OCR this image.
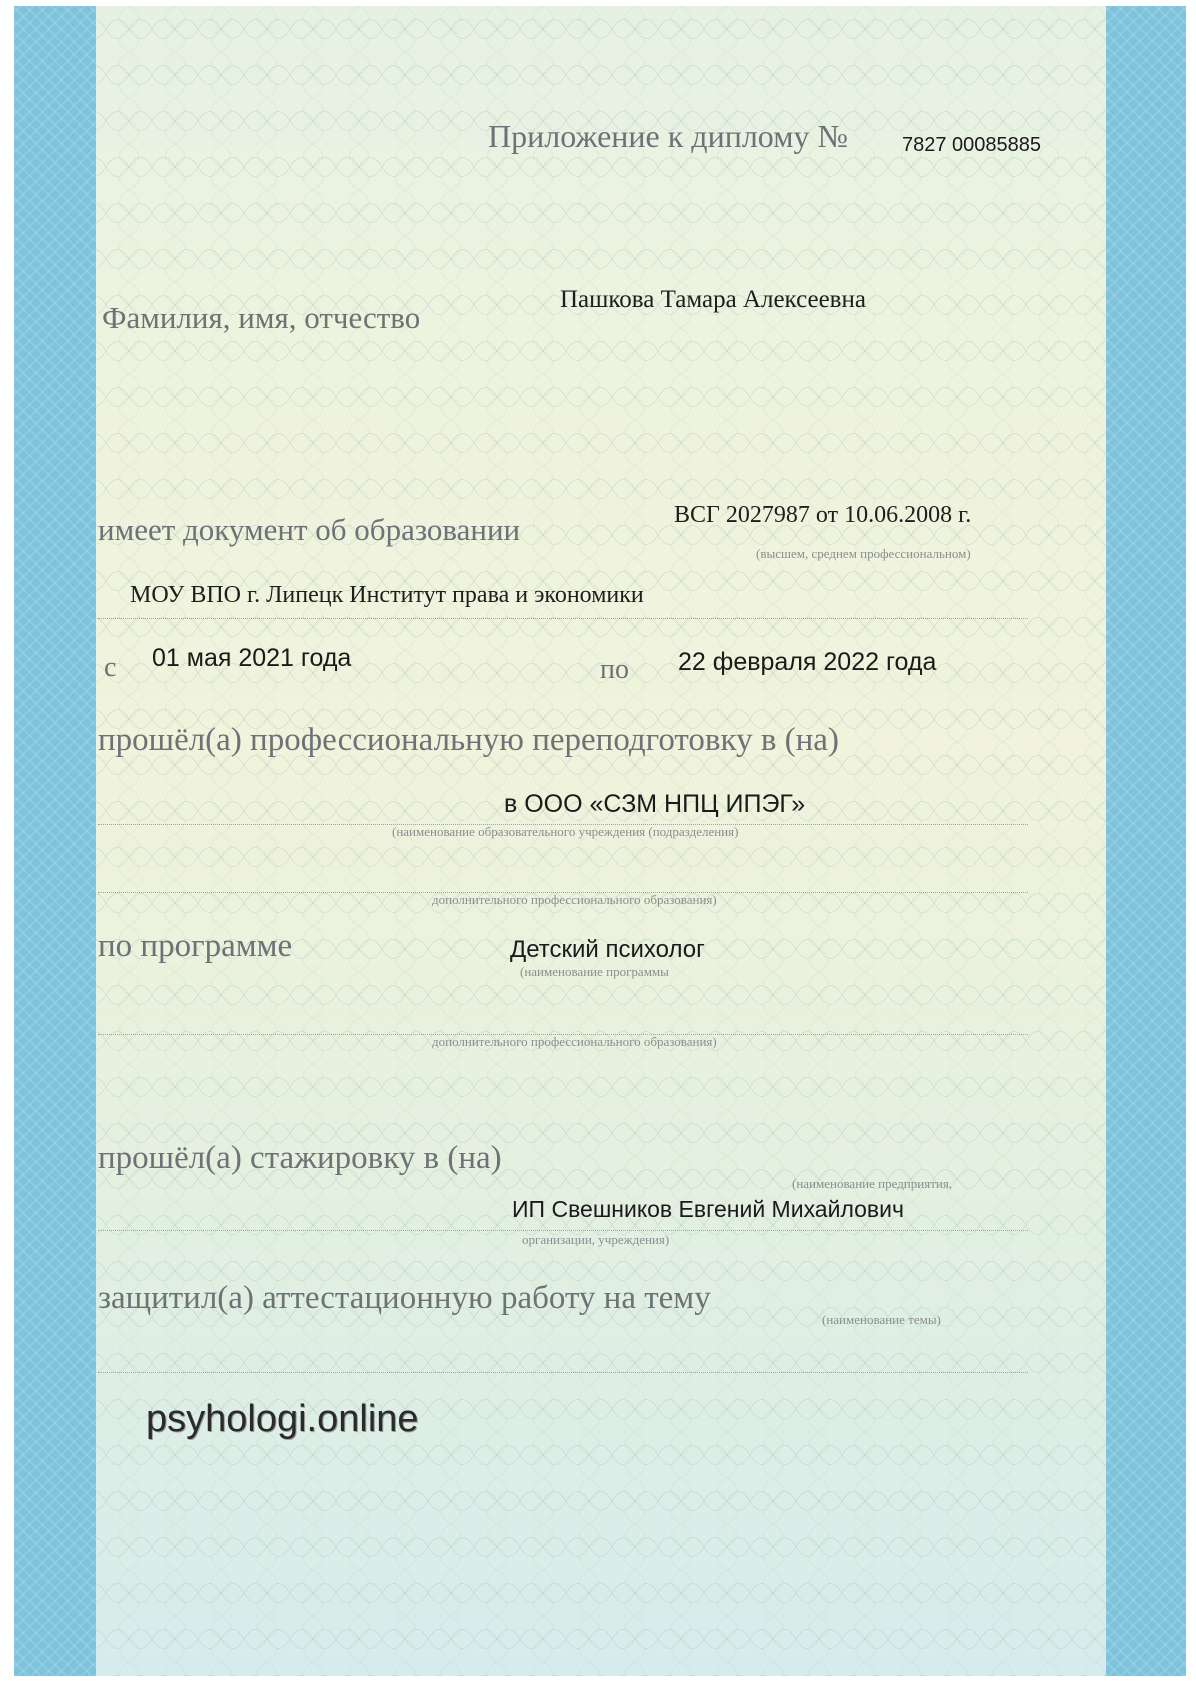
Приложение к диплому №	7827 00085885
Пашкова Тамара Алексеевна
Фамилия, имя, отчество
имеет документ об образовании	ВСГ 2027987 от 10.06.2008 г.
(высшем, среднем профессиональном)
МОУ ВПО г. Липецк Институт права и экономики
с 01 мая 2021 года	по 22 февраля 2022 года
прошёл(а) профессиональную переподготовку в (на)
в ООО «СЗМ НПЦ ИПЭГ»
(наименование образовательного учреждения (подразделения)
дополнительного профессионального образования)
по программе	Детский психолог
(наименование программы
дополнительного профессионального образования)
прошёл(а) стажировку в (на)
(наименование предприятия,
ИП Свешников Евгений Михайлович
организации, учреждения)
защитил(а) аттестационную работу на тему
(наименование темы)
psyhologi.online
